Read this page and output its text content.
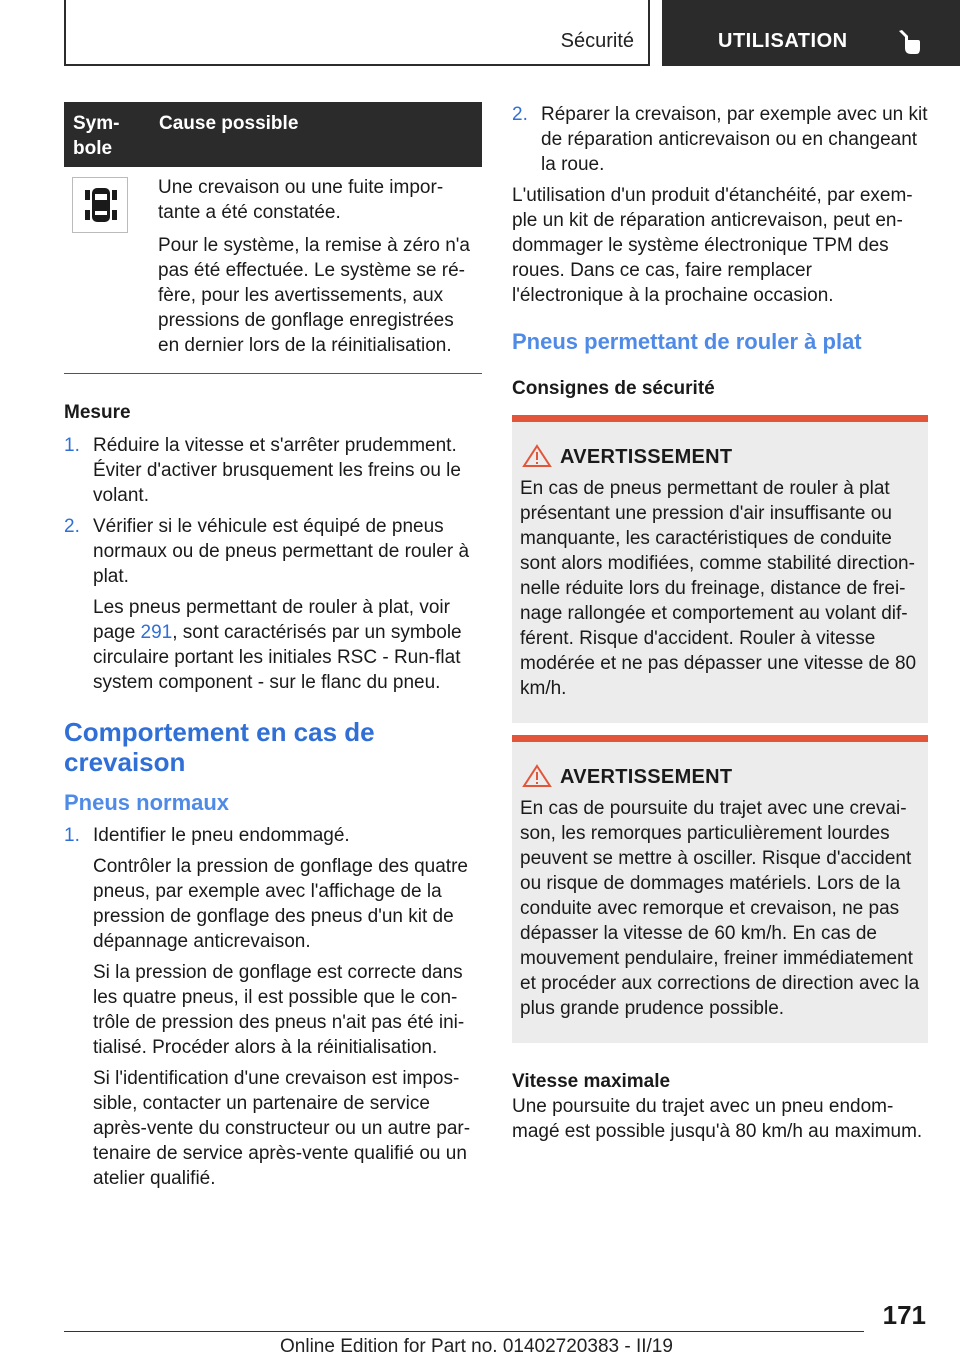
Sécurité	UTILISATION
Sym-
bole	Cause possible

Une crevaison ou une fuite impor-tante a été constatée.

Pour le système, la remise à zéro n'a pas été effectuée. Le système se ré-fère, pour les avertissements, aux pressions de gonflage enregistrées en dernier lors de la réinitialisation.

Mesure
1. Réduire la vitesse et s'arrêter prudemment. Éviter d'activer brusquement les freins ou le volant.
2. Vérifier si le véhicule est équipé de pneus normaux ou de pneus permettant de rouler à plat.

Les pneus permettant de rouler à plat, voir page 291, sont caractérisés par un symbole circulaire portant les initiales RSC - Run-flat system component - sur le flanc du pneu.

Comportement en cas de crevaison
Pneus normaux
1. Identifier le pneu endommagé.

Contrôler la pression de gonflage des quatre pneus, par exemple avec l'affichage de la pression de gonflage des pneus d'un kit de dépannage anticrevaison.

Si la pression de gonflage est correcte dans les quatre pneus, il est possible que le con-trôle de pression des pneus n'ait pas été ini-tialisé. Procéder alors à la réinitialisation.

Si l'identification d'une crevaison est impos-sible, contacter un partenaire de service après-vente du constructeur ou un autre par-tenaire de service après-vente qualifié ou un atelier qualifié.

2. Réparer la crevaison, par exemple avec un kit de réparation anticrevaison ou en changeant la roue.

L'utilisation d'un produit d'étanchéité, par exem-ple un kit de réparation anticrevaison, peut en-dommager le système électronique TPM des roues. Dans ce cas, faire remplacer l'électronique à la prochaine occasion.

Pneus permettant de rouler à plat
Consignes de sécurité
AVERTISSEMENT

En cas de pneus permettant de rouler à plat présentant une pression d'air insuffisante ou manquante, les caractéristiques de conduite sont alors modifiées, comme stabilité direction-nelle réduite lors du freinage, distance de frei-nage rallongée et comportement au volant dif-férent. Risque d'accident. Rouler à vitesse modérée et ne pas dépasser une vitesse de 80 km/h.

AVERTISSEMENT

En cas de poursuite du trajet avec une crevai-son, les remorques particulièrement lourdes peuvent se mettre à osciller. Risque d'accident ou risque de dommages matériels. Lors de la conduite avec remorque et crevaison, ne pas dépasser la vitesse de 60 km/h. En cas de mouvement pendulaire, freiner immédiatement et procéder aux corrections de direction avec la plus grande prudence possible.

Vitesse maximale

Une poursuite du trajet avec un pneu endom-magé est possible jusqu'à 80 km/h au maximum.

171
Online Edition for Part no. 01402720383 - II/19
